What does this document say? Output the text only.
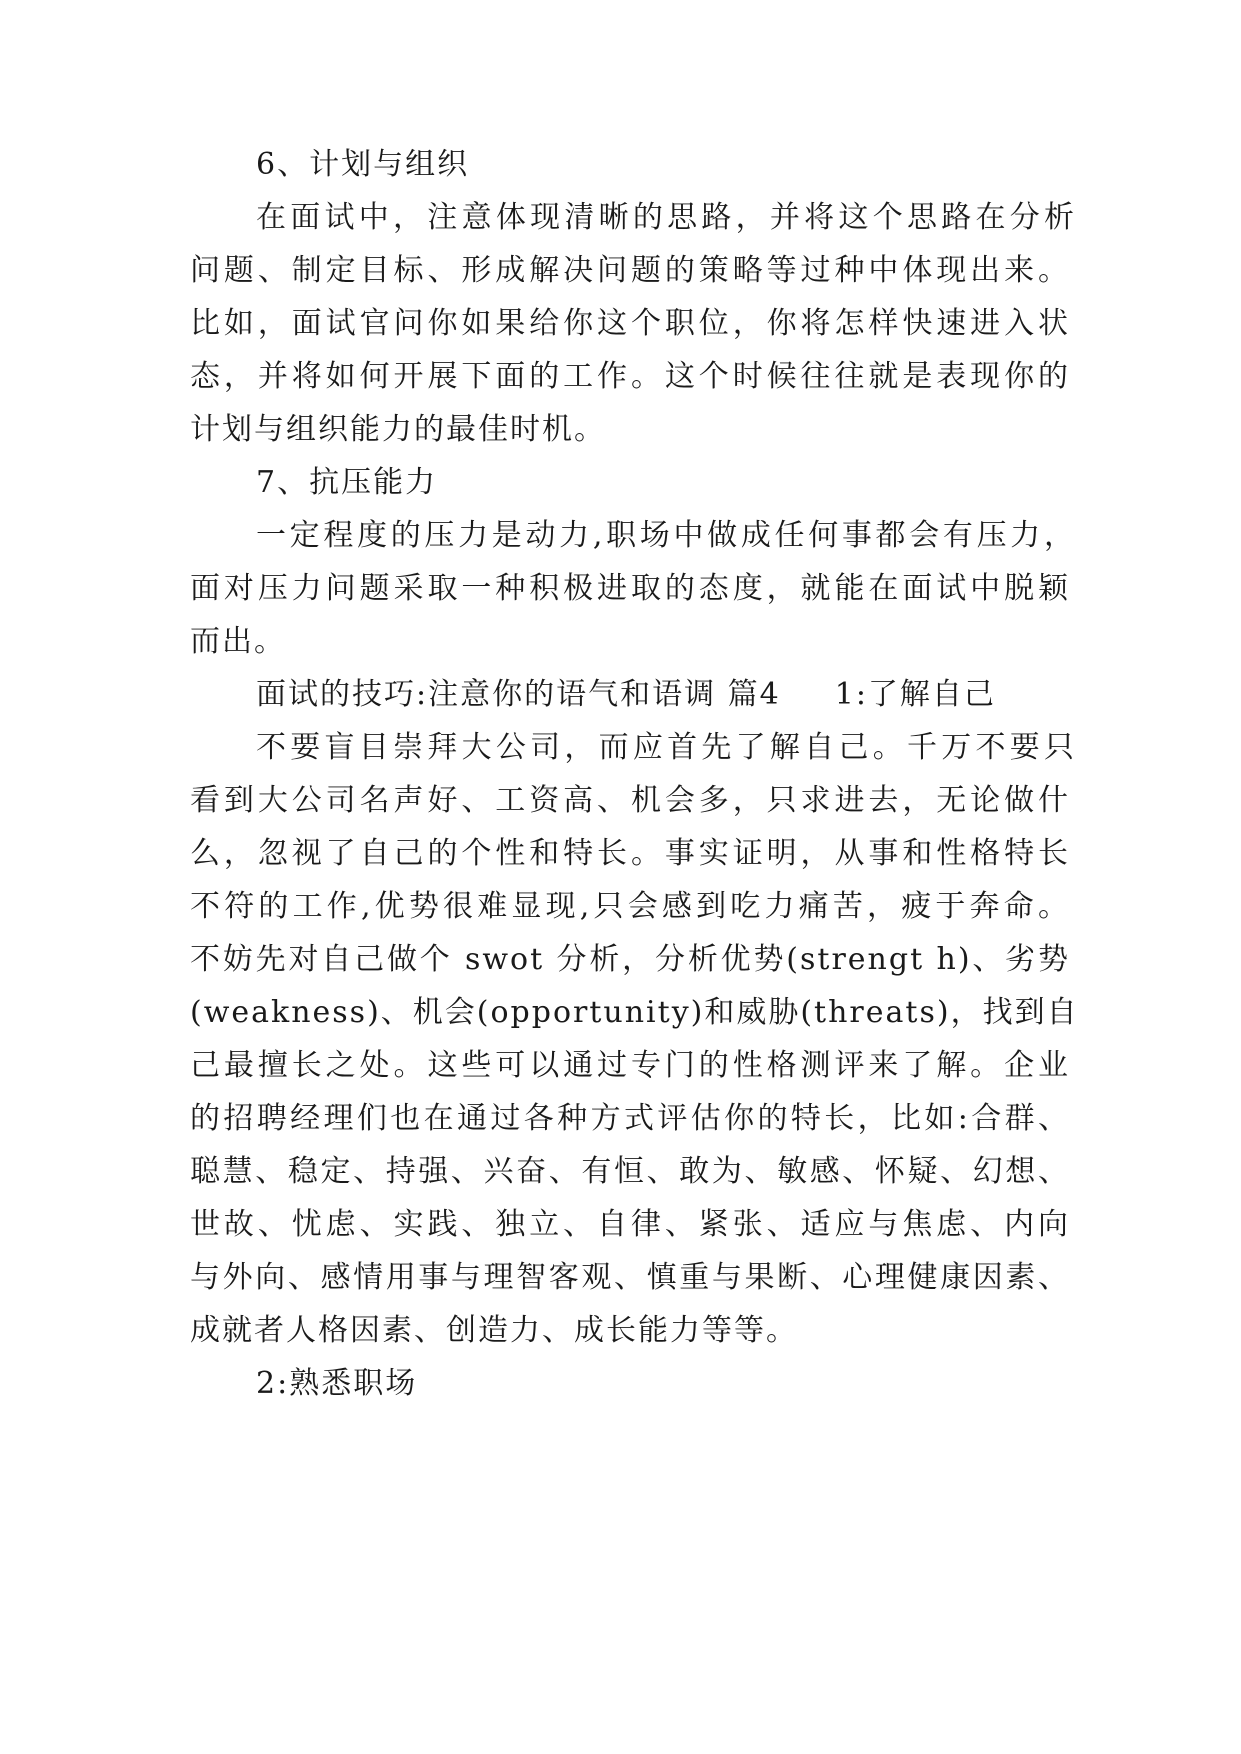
6、计划与组织
在面试中，注意体现清晰的思路，并将这个思路在分析
问题、制定目标、形成解决问题的策略等过种中体现出来。
比如，面试官问你如果给你这个职位，你将怎样快速进入状
态，并将如何开展下面的工作。这个时候往往就是表现你的
计划与组织能力的最佳时机。
7、抗压能力
一定程度的压力是动力,职场中做成任何事都会有压力，
面对压力问题采取一种积极进取的态度，就能在面试中脱颖
而出。
面试的技巧:注意你的语气和语调 篇4 1:了解自己
不要盲目崇拜大公司，而应首先了解自己。千万不要只
看到大公司名声好、工资高、机会多，只求进去，无论做什
么，忽视了自己的个性和特长。事实证明，从事和性格特长
不符的工作,优势很难显现,只会感到吃力痛苦，疲于奔命。
不妨先对自己做个 swot 分析，分析优势(strengt h)、劣势
(weakness)、机会(opportunity)和威胁(threats)，找到自
己最擅长之处。这些可以通过专门的性格测评来了解。企业
的招聘经理们也在通过各种方式评估你的特长，比如:合群、
聪慧、稳定、持强、兴奋、有恒、敢为、敏感、怀疑、幻想、
世故、忧虑、实践、独立、自律、紧张、适应与焦虑、内向
与外向、感情用事与理智客观、慎重与果断、心理健康因素、
成就者人格因素、创造力、成长能力等等。
2:熟悉职场
